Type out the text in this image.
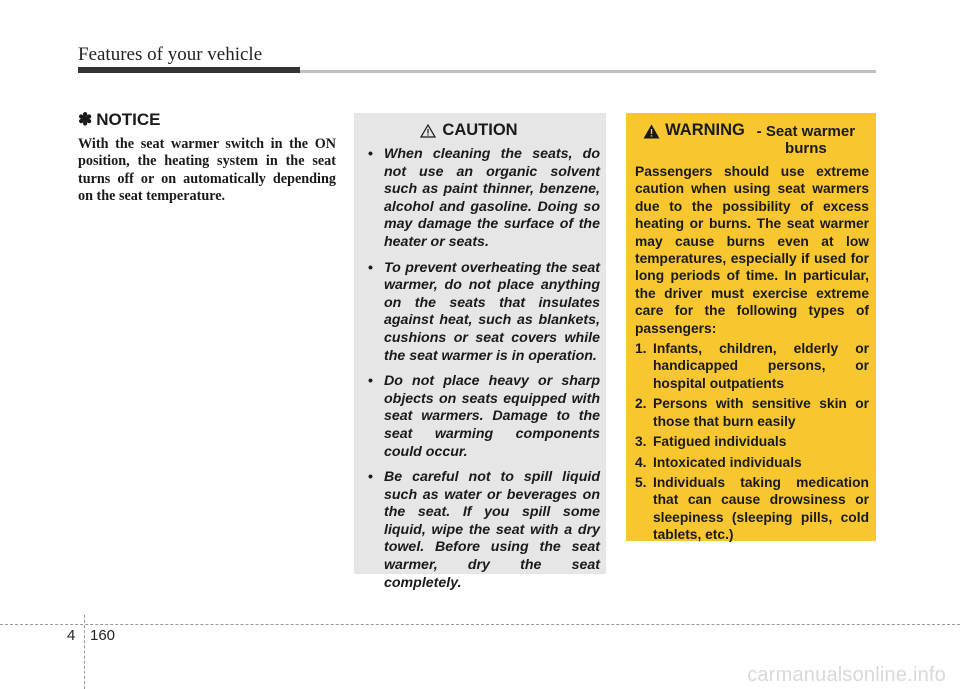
Features of your vehicle
✽ NOTICE
With the seat warmer switch in the ON position, the heating system in the seat turns off or on automatically depending on the seat temperature.
CAUTION
• When cleaning the seats, do not use an organic solvent such as paint thinner, benzene, alcohol and gasoline. Doing so may damage the surface of the heater or seats.
• To prevent overheating the seat warmer, do not place anything on the seats that insulates against heat, such as blankets, cushions or seat covers while the seat warmer is in operation.
• Do not place heavy or sharp objects on seats equipped with seat warmers. Damage to the seat warming components could occur.
• Be careful not to spill liquid such as water or beverages on the seat. If you spill some liquid, wipe the seat with a dry towel. Before using the seat warmer, dry the seat completely.
WARNING - Seat warmer burns
Passengers should use extreme caution when using seat warmers due to the possibility of excess heating or burns. The seat warmer may cause burns even at low temperatures, especially if used for long periods of time. In particular, the driver must exercise extreme care for the following types of passengers:
1. Infants, children, elderly or handicapped persons, or hospital outpatients
2. Persons with sensitive skin or those that burn easily
3. Fatigued individuals
4. Intoxicated individuals
5. Individuals taking medication that can cause drowsiness or sleepiness (sleeping pills, cold tablets, etc.)
4 160
carmanualsonline.info
